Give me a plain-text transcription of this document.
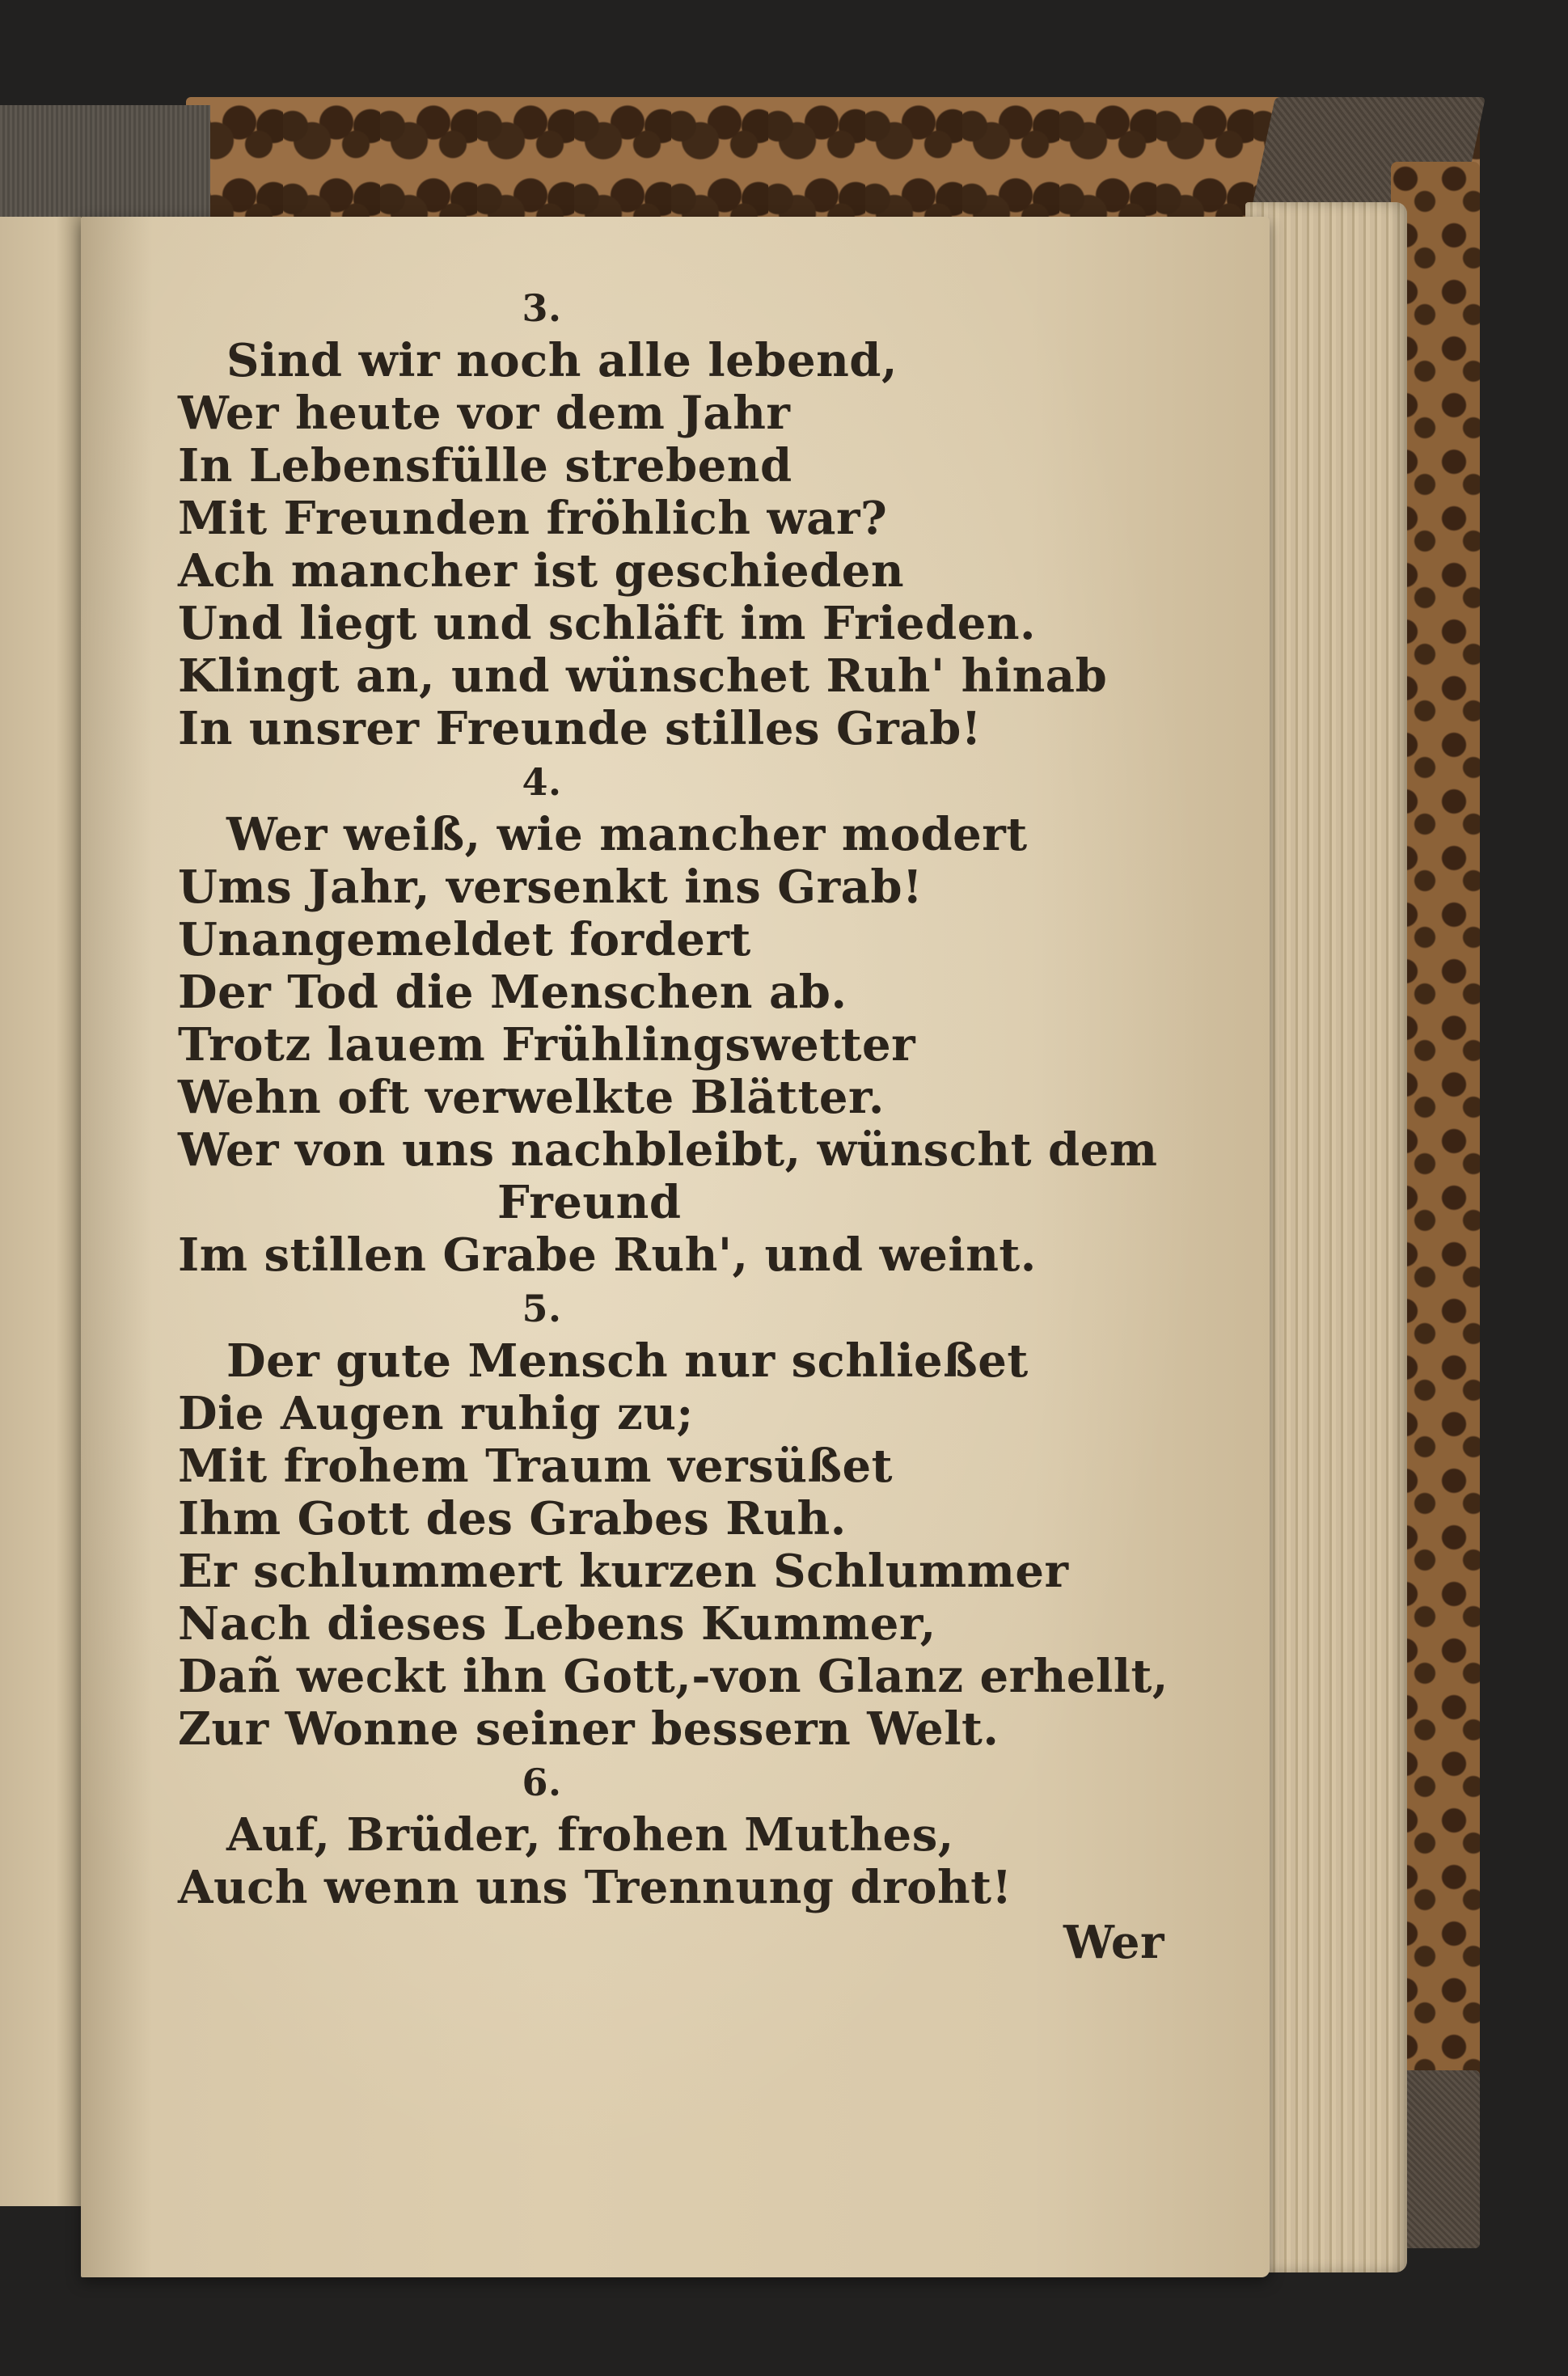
3.
Sind wir noch alle lebend,
Wer heute vor dem Jahr
In Lebensfülle strebend
Mit Freunden fröhlich war?
Ach mancher ist geschieden
Und liegt und schläft im Frieden.
Klingt an, und wünschet Ruh' hinab
In unsrer Freunde stilles Grab!
4.
Wer weiß, wie mancher modert
Ums Jahr, versenkt ins Grab!
Unangemeldet fordert
Der Tod die Menschen ab.
Trotz lauem Frühlingswetter
Wehn oft verwelkte Blätter.
Wer von uns nachbleibt, wünscht dem
Freund
Im stillen Grabe Ruh', und weint.
5.
Der gute Mensch nur schließet
Die Augen ruhig zu;
Mit frohem Traum versüßet
Ihm Gott des Grabes Ruh.
Er schlummert kurzen Schlummer
Nach dieses Lebens Kummer,
Dañ weckt ihn Gott,-von Glanz erhellt,
Zur Wonne seiner bessern Welt.
6.
Auf, Brüder, frohen Muthes,
Auch wenn uns Trennung droht!
Wer
